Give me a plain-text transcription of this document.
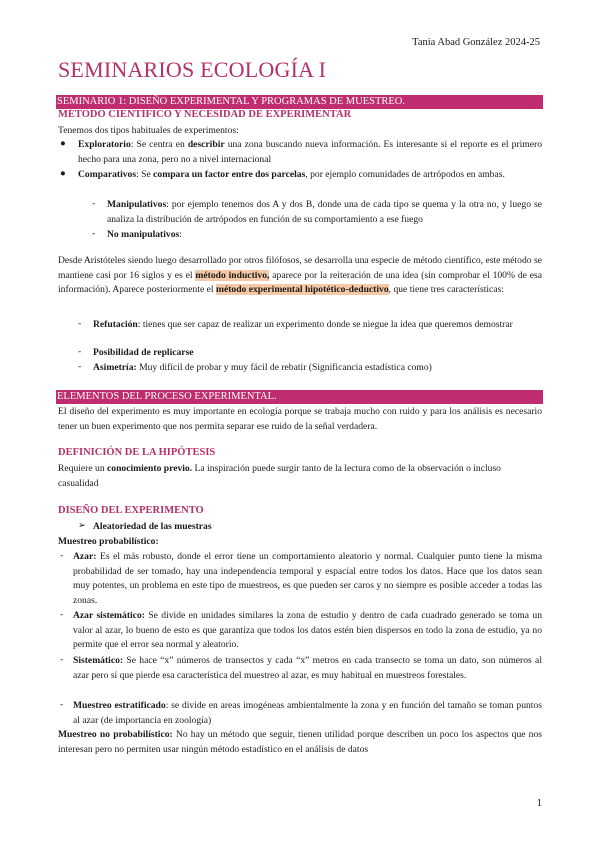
Tania Abad González 2024-25
SEMINARIOS ECOLOGÍA I
SEMINARIO 1: DISEÑO EXPERIMENTAL Y PROGRAMAS DE MUESTREO.
MÉTODO CIENTÍFICO Y NECESIDAD DE EXPERIMENTAR
Tenemos dos tipos habituales de experimentos:
● Exploratorio: Se centra en describir una zona buscando nueva información. Es interesante si el reporte es el primero hecho para una zona, pero no a nivel internacional
● Comparativos: Se compara un factor entre dos parcelas, por ejemplo comunidades de artrópodos en ambas.
- Manipulativos: por ejemplo tenemos dos A y dos B, donde una de cada tipo se quema y la otra no, y luego se analiza la distribución de artrópodos en función de su comportamiento a ese fuego
- No manipulativos:
Desde Aristóteles siendo luego desarrollado por otros filófosos, se desarrolla una especie de método científico, este método se mantiene casi por 16 siglos y es el método inductivo, aparece por la reiteración de una idea (sin comprobar el 100% de esa información). Aparece posteriormente el método experimental hipotético-deductivo, que tiene tres características:
- Refutación: tienes que ser capaz de realizar un experimento donde se niegue la idea que queremos demostrar
- Posibilidad de replicarse
- Asimetría: Muy difícil de probar y muy fácil de rebatir (Significancia estadística como)
ELEMENTOS DEL PROCESO EXPERIMENTAL.
El diseño del experimento es muy importante en ecología porque se trabaja mucho con ruido y para los análisis es necesario tener un buen experimento que nos permita separar ese ruido de la señal verdadera.
DEFINICIÓN DE LA HIPÓTESIS
Requiere un conocimiento previo. La inspiración puede surgir tanto de la lectura como de la observación o incluso casualidad
DISEÑO DEL EXPERIMENTO
➢ Aleatoriedad de las muestras
Muestreo probabilístico:
- Azar: Es el más robusto, donde el error tiene un comportamiento aleatorio y normal. Cualquier punto tiene la misma probabilidad de ser tomado, hay una independencia temporal y espacial entre todos los datos. Hace que los datos sean muy potentes, un problema en este tipo de muestreos, es que pueden ser caros y no siempre es posible acceder a todas las zonas.
- Azar sistemático: Se divide en unidades similares la zona de estudio y dentro de cada cuadrado generado se toma un valor al azar, lo bueno de esto es que garantiza que todos los datos estén bien dispersos en todo la zona de estudio, ya no permite que el error sea normal y aleatorio.
- Sistemático: Se hace “x” números de transectos y cada “x” metros en cada transecto se toma un dato, son números al azar pero sí que pierde esa característica del muestreo al azar, es muy habitual en muestreos forestales.
- Muestreo estratificado: se divide en areas imogéneas ambientalmente la zona y en función del tamaño se toman puntos al azar (de importancia en zoología)
Muestreo no probabilístico: No hay un método que seguir, tienen utilidad porque describen un poco los aspectos que nos interesan pero no permiten usar ningún método estadístico en el análisis de datos
1
